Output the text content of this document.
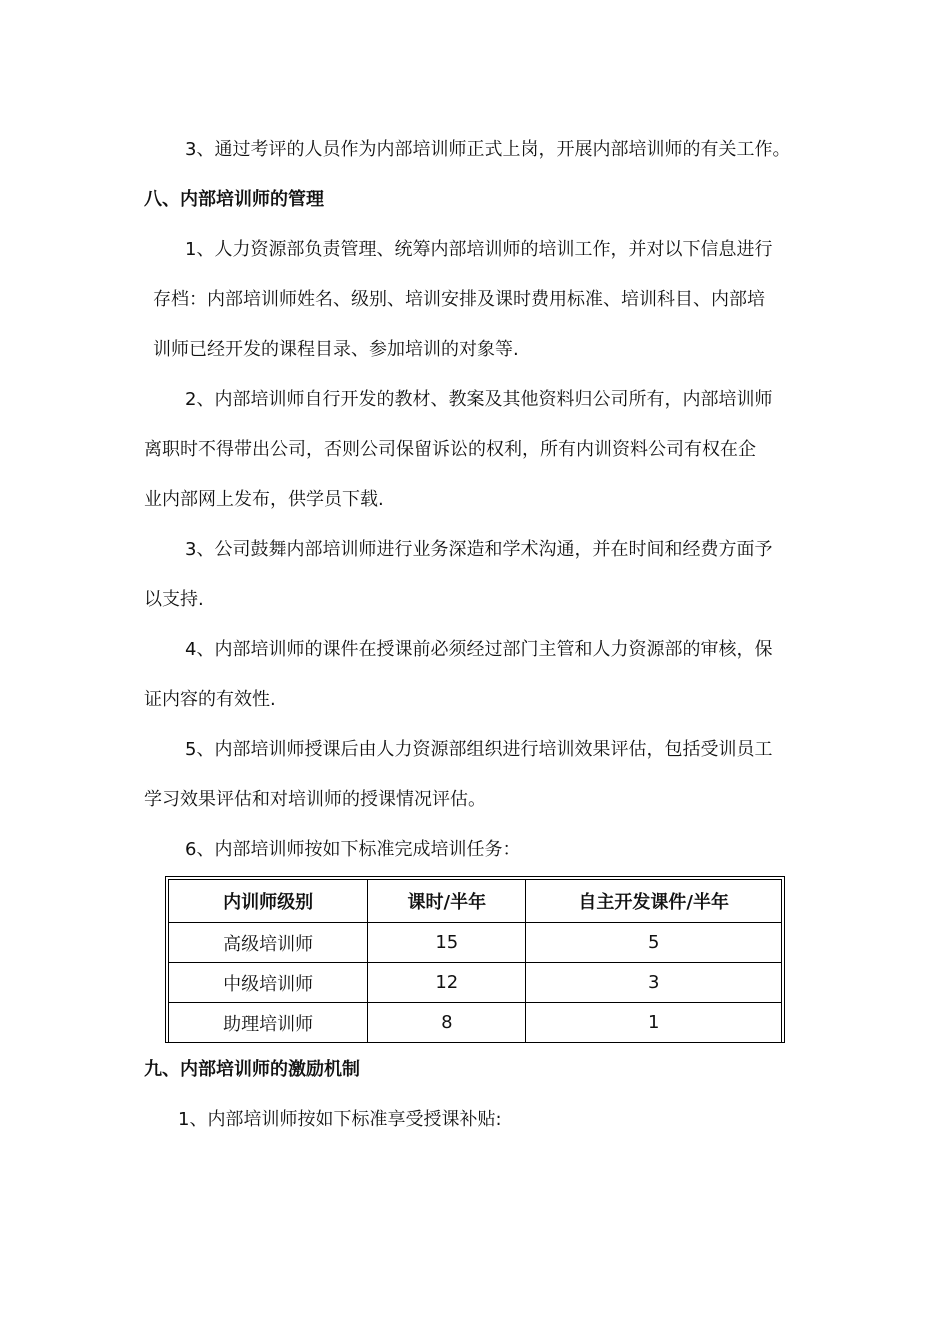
3、通过考评的人员作为内部培训师正式上岗，开展内部培训师的有关工作。

八、内部培训师的管理

1、人力资源部负责管理、统筹内部培训师的培训工作，并对以下信息进行

存档：内部培训师姓名、级别、培训安排及课时费用标准、培训科目、内部培

训师已经开发的课程目录、参加培训的对象等.

2、内部培训师自行开发的教材、教案及其他资料归公司所有，内部培训师

离职时不得带出公司，否则公司保留诉讼的权利，所有内训资料公司有权在企

业内部网上发布，供学员下载.

3、公司鼓舞内部培训师进行业务深造和学术沟通，并在时间和经费方面予

以支持.

4、内部培训师的课件在授课前必须经过部门主管和人力资源部的审核，保

证内容的有效性.

5、内部培训师授课后由人力资源部组织进行培训效果评估，包括受训员工

学习效果评估和对培训师的授课情况评估。

6、内部培训师按如下标准完成培训任务：

内训师级别	课时/半年	自主开发课件/半年
高级培训师	15	5
中级培训师	12	3
助理培训师	8	1

九、内部培训师的激励机制

1、内部培训师按如下标准享受授课补贴:
